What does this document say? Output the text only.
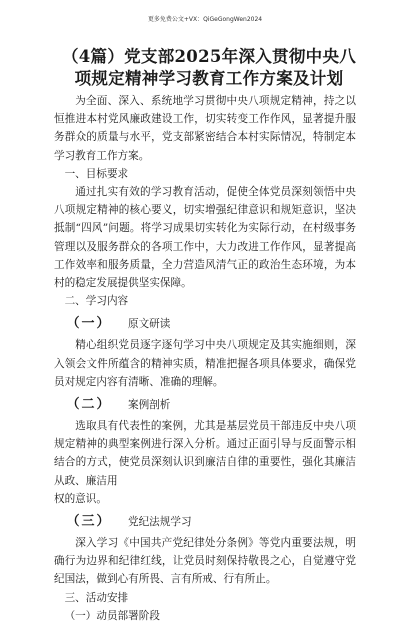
更多免费公文+VX：QiGeGongWen2024
（4篇）党支部2025年深入贯彻中央八项规定精神学习教育工作方案及计划

为全面、深入、系统地学习贯彻中央八项规定精神，持之以恒推进本村党风廉政建设工作，切实转变工作作风，显著提升服务群众的质量与水平，党支部紧密结合本村实际情况，特制定本学习教育工作方案。

一、目标要求

通过扎实有效的学习教育活动，促使全体党员深刻领悟中央八项规定精神的核心要义，切实增强纪律意识和规矩意识，坚决抵制“四风”问题。将学习成果切实转化为实际行动，在村级事务管理以及服务群众的各项工作中，大力改进工作作风，显著提高工作效率和服务质量，全力营造风清气正的政治生态环境，为本村的稳定发展提供坚实保障。

二、学习内容

（一）	原文研读

精心组织党员逐字逐句学习中央八项规定及其实施细则，深入领会文件所蕴含的精神实质，精准把握各项具体要求，确保党员对规定内容有清晰、准确的理解。

（二）	案例剖析

选取具有代表性的案例，尤其是基层党员干部违反中央八项规定精神的典型案例进行深入分析。通过正面引导与反面警示相结合的方式，使党员深刻认识到廉洁自律的重要性，强化其廉洁从政、廉洁用

权的意识。

（三）	党纪法规学习

深入学习《中国共产党纪律处分条例》等党内重要法规，明确行为边界和纪律红线，让党员时刻保持敬畏之心，自觉遵守党纪国法，做到心有所畏、言有所戒、行有所止。

三、活动安排

（一）动员部署阶段
